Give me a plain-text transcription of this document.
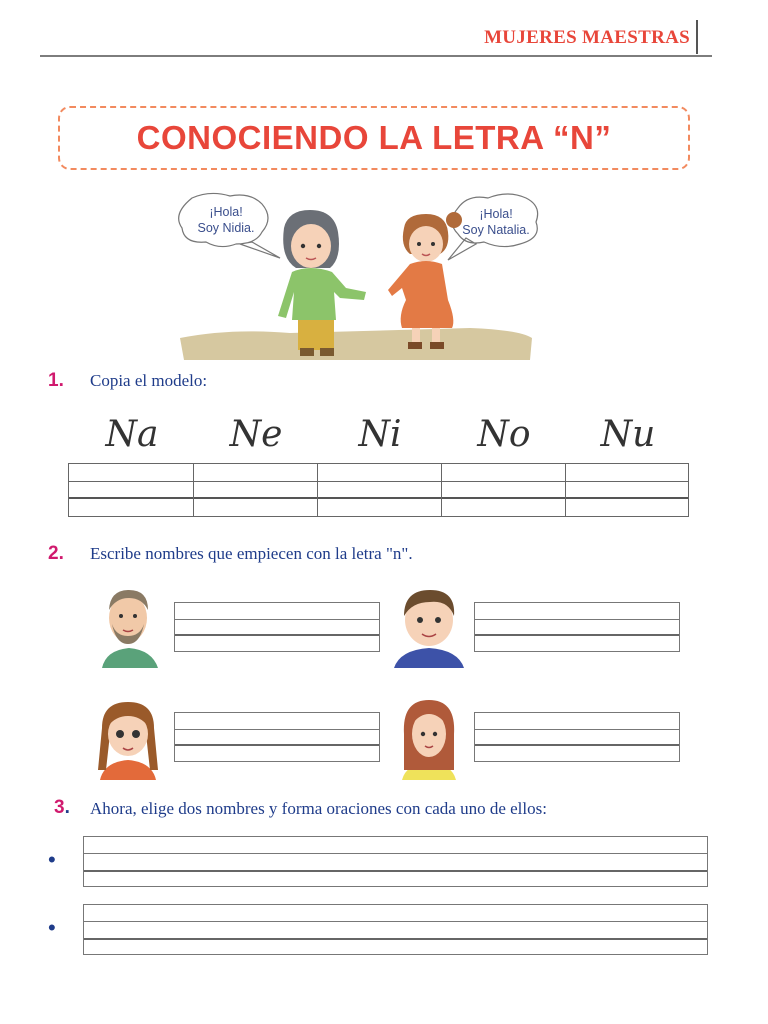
MUJERES MAESTRAS
CONOCIENDO LA LETRA “N”
¡Hola!
Soy Nidia.
¡Hola!
Soy Natalia.
1. Copia el modelo:
Na	Ne	Ni	No	Nu
2. Escribe nombres que empiecen con la letra "n".
3. Ahora, elige dos nombres y forma oraciones con cada uno de ellos:
•
•
